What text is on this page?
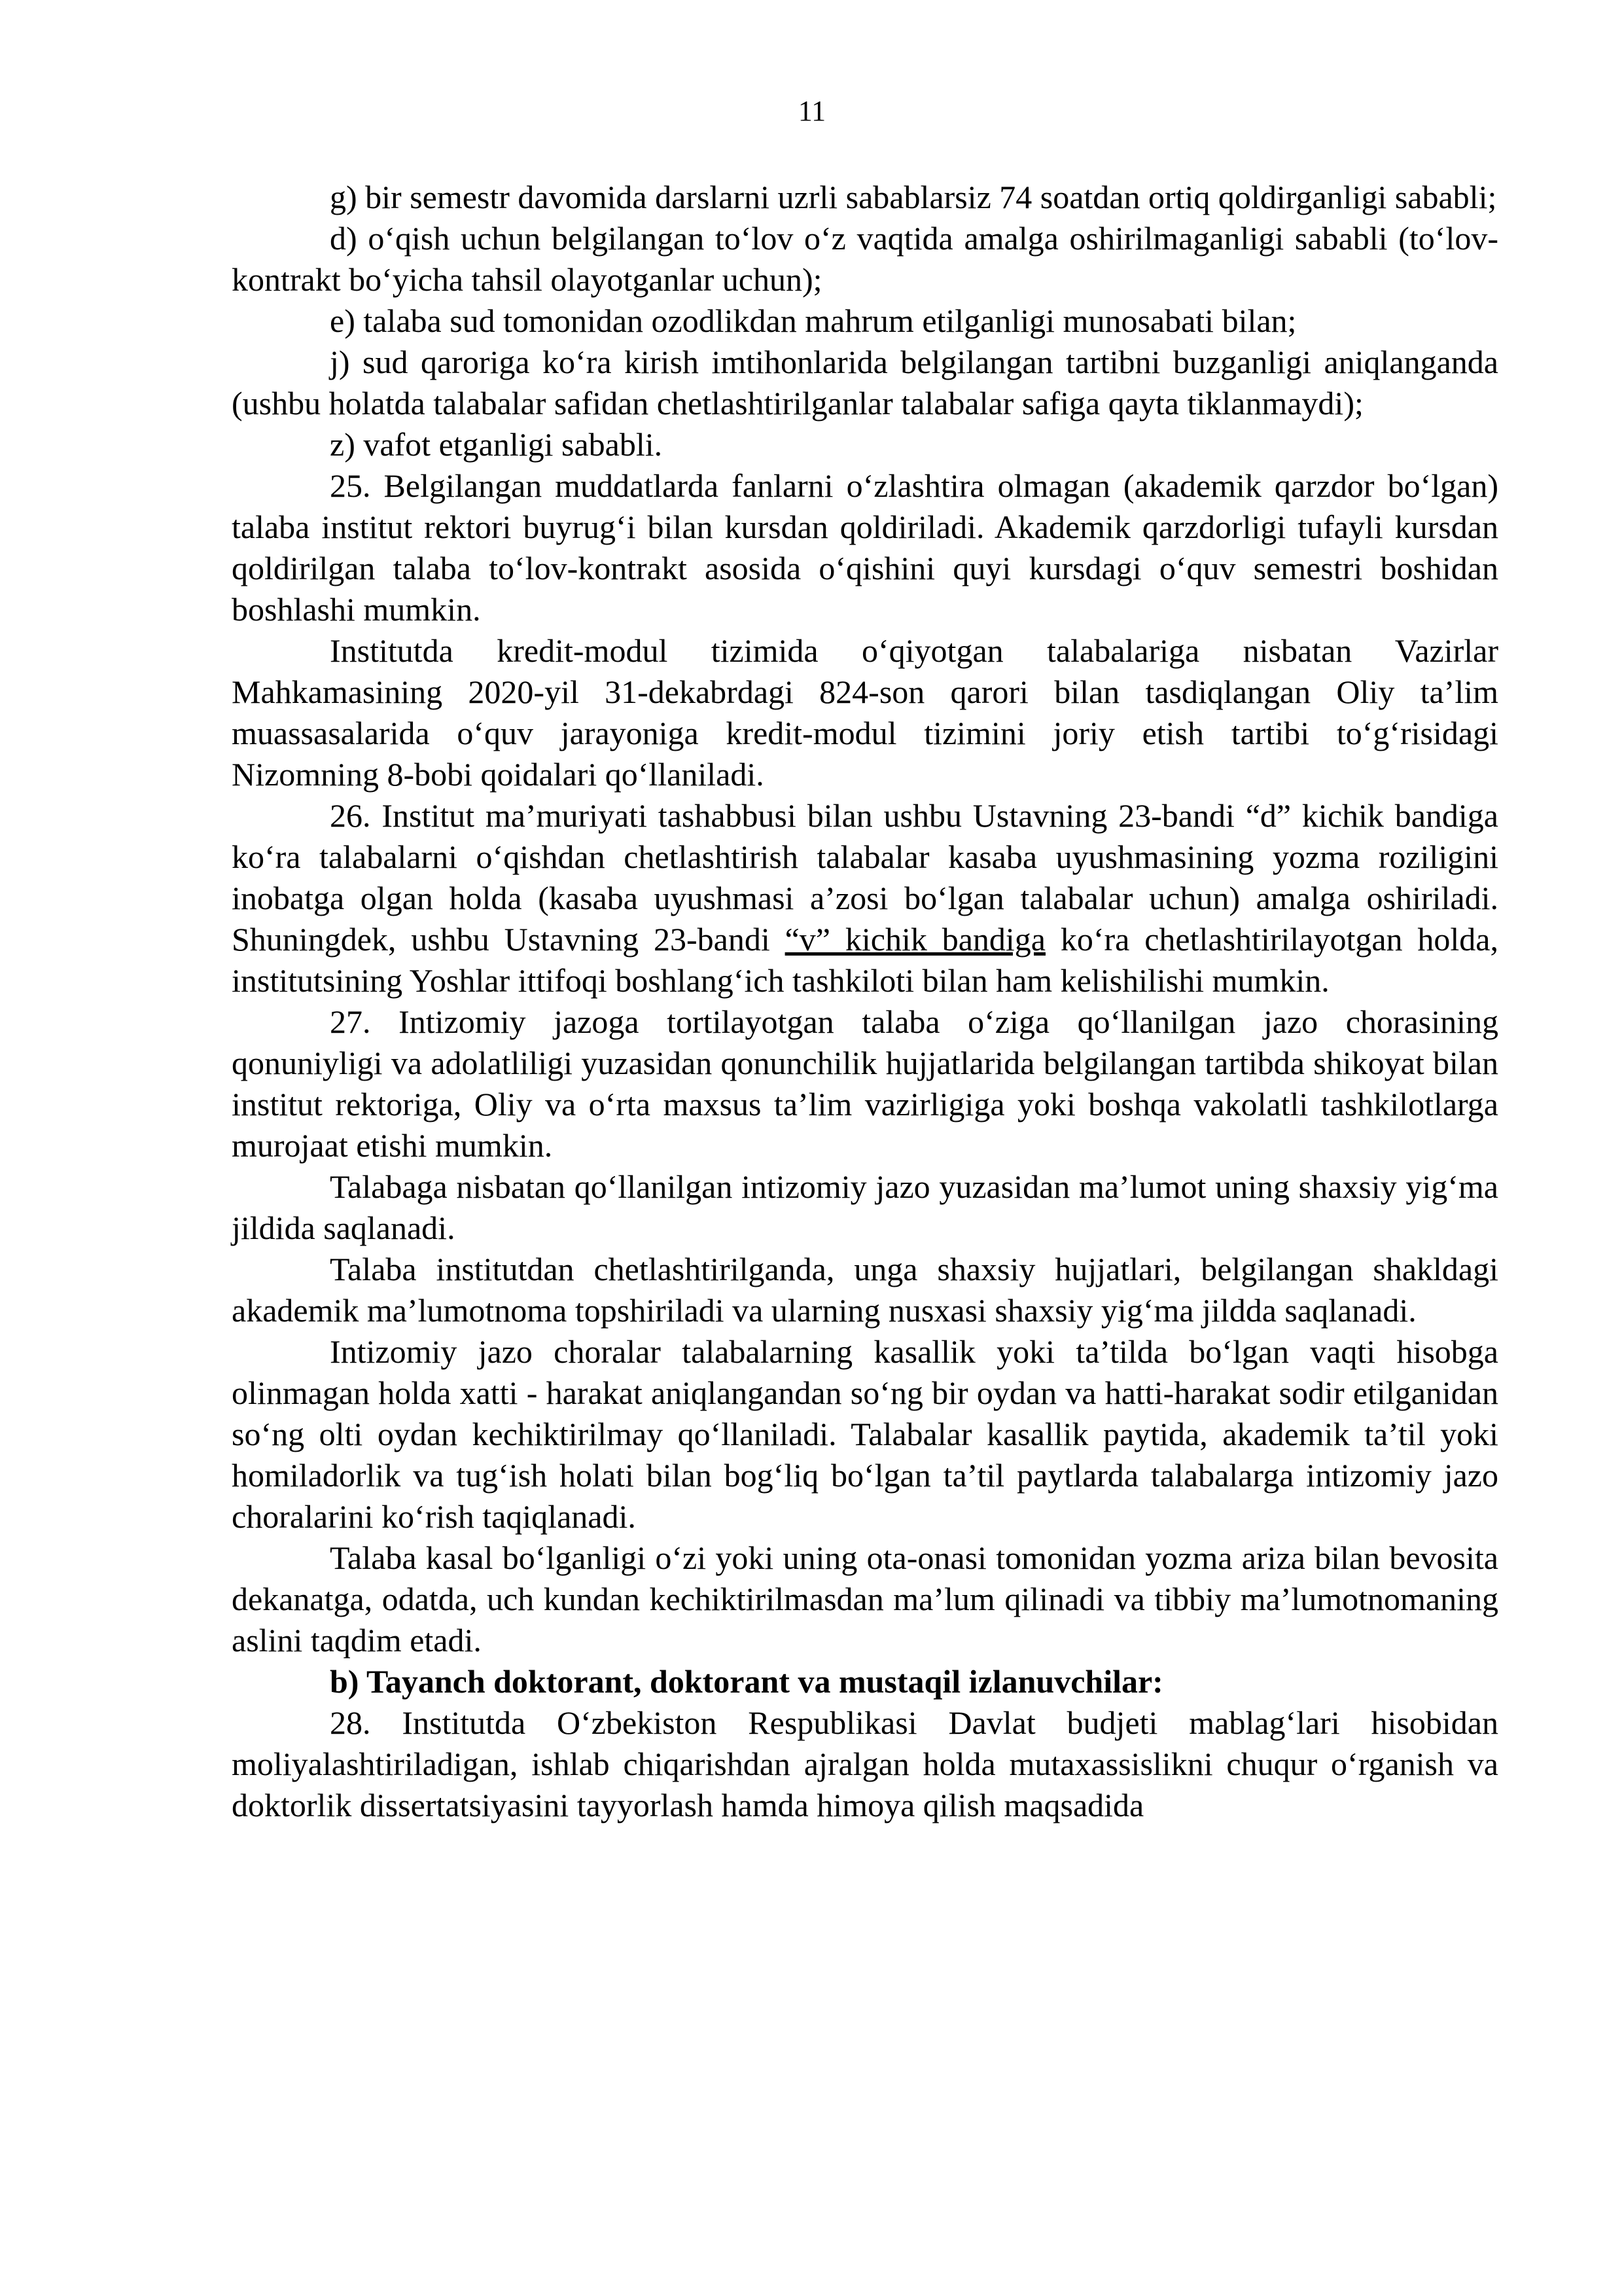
11

g) bir semestr davomida darslarni uzrli sabablarsiz 74 soatdan ortiq qoldirganligi sababli;

d) o‘qish uchun belgilangan to‘lov o‘z vaqtida amalga oshirilmaganligi sababli (to‘lov-kontrakt bo‘yicha tahsil olayotganlar uchun);

e) talaba sud tomonidan ozodlikdan mahrum etilganligi munosabati bilan;

j) sud qaroriga ko‘ra kirish imtihonlarida belgilangan tartibni buzganligi aniqlanganda (ushbu holatda talabalar safidan chetlashtirilganlar talabalar safiga qayta tiklanmaydi);

z) vafot etganligi sababli.

25. Belgilangan muddatlarda fanlarni o‘zlashtira olmagan (akademik qarzdor bo‘lgan) talaba institut rektori buyrug‘i bilan kursdan qoldiriladi. Akademik qarzdorligi tufayli kursdan qoldirilgan talaba to‘lov-kontrakt asosida o‘qishini quyi kursdagi o‘quv semestri boshidan boshlashi mumkin.

Institutda kredit-modul tizimida o‘qiyotgan talabalariga nisbatan Vazirlar Mahkamasining 2020-yil 31-dekabrdagi 824-son qarori bilan tasdiqlangan Oliy ta’lim muassasalarida o‘quv jarayoniga kredit-modul tizimini joriy etish tartibi to‘g‘risidagi Nizomning 8-bobi qoidalari qo‘llaniladi.

26. Institut ma’muriyati tashabbusi bilan ushbu Ustavning 23-bandi “d” kichik bandiga ko‘ra talabalarni o‘qishdan chetlashtirish talabalar kasaba uyushmasining yozma roziligini inobatga olgan holda (kasaba uyushmasi a’zosi bo‘lgan talabalar uchun) amalga oshiriladi. Shuningdek, ushbu Ustavning 23-bandi “v” kichik bandiga ko‘ra chetlashtirilayotgan holda, institutsining Yoshlar ittifoqi boshlang‘ich tashkiloti bilan ham kelishilishi mumkin.

27. Intizomiy jazoga tortilayotgan talaba o‘ziga qo‘llanilgan jazo chorasining qonuniyligi va adolatliligi yuzasidan qonunchilik hujjatlarida belgilangan tartibda shikoyat bilan institut rektoriga, Oliy va o‘rta maxsus ta’lim vazirligiga yoki boshqa vakolatli tashkilotlarga murojaat etishi mumkin.

Talabaga nisbatan qo‘llanilgan intizomiy jazo yuzasidan ma’lumot uning shaxsiy yig‘ma jildida saqlanadi.

Talaba institutdan chetlashtirilganda, unga shaxsiy hujjatlari, belgilangan shakldagi akademik ma’lumotnoma topshiriladi va ularning nusxasi shaxsiy yig‘ma jildda saqlanadi.

Intizomiy jazo choralar talabalarning kasallik yoki ta’tilda bo‘lgan vaqti hisobga olinmagan holda xatti - harakat aniqlangandan so‘ng bir oydan va hatti-harakat sodir etilganidan so‘ng olti oydan kechiktirilmay qo‘llaniladi. Talabalar kasallik paytida, akademik ta’til yoki homiladorlik va tug‘ish holati bilan bog‘liq bo‘lgan ta’til paytlarda talabalarga intizomiy jazo choralarini ko‘rish taqiqlanadi.

Talaba kasal bo‘lganligi o‘zi yoki uning ota-onasi tomonidan yozma ariza bilan bevosita dekanatga, odatda, uch kundan kechiktirilmasdan ma’lum qilinadi va tibbiy ma’lumotnomaning aslini taqdim etadi.

b) Tayanch doktorant, doktorant va mustaqil izlanuvchilar:

28. Institutda O‘zbekiston Respublikasi Davlat budjeti mablag‘lari hisobidan moliyalashtiriladigan, ishlab chiqarishdan ajralgan holda mutaxassislikni chuqur o‘rganish va doktorlik dissertatsiyasini tayyorlash hamda himoya qilish maqsadida
